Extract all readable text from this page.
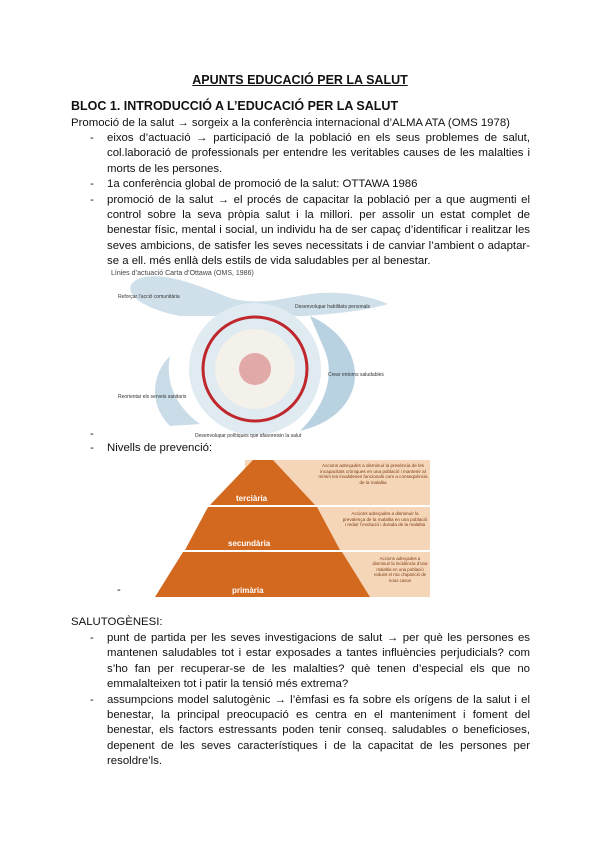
APUNTS EDUCACIÓ PER LA SALUT
BLOC 1. INTRODUCCIÓ A L’EDUCACIÓ PER LA SALUT
Promoció de la salut → sorgeix a la conferència internacional d’ALMA ATA (OMS 1978)
- eixos d’actuació → participació de la població en els seus problemes de salut, col.laboració de professionals per entendre les veritables causes de les malalties i morts de les persones.
- 1a conferència global de promoció de la salut: OTTAWA 1986
- promoció de la salut → el procés de capacitar la població per a que augmenti el control sobre la seva pròpia salut i la millori. per assolir un estat complet de benestar físic, mental i social, un individu ha de ser capaç d’identificar i realitzar les seves ambicions, de satisfer les seves necessitats i de canviar l’ambient o adaptar-se a ell. més enllà dels estils de vida saludables per al benestar.
Línies d’actuació Carta d’Ottawa (OMS, 1986)
Reforçar l’acció comunitària
Desenvolupar habilitats personals
Crear entorns saludables
Reorientar els serveis sanitaris
Desenvolupar polítiques que afavoreixin la salut
-
- Nivells de prevenció:
terciària
secundària
primària
Accions adreçades a disminuir la presència de les incapacitats cròniques en una població i mantenir al mínim les invalideses funcionals com a conseqüència de la malaltia
Accions adreçades a disminuir la prevalença de la malaltia en una població i reduir l’evolució i durada de la malaltia
Accions adreçades a disminuir la incidència d’una malaltia en una població reduint el risc d’aparició de nous casos
-
SALUTOGÈNESI:
- punt de partida per les seves investigacions de salut → per què les persones es mantenen saludables tot i estar exposades a tantes influències perjudicials? com s’ho fan per recuperar-se de les malalties? què tenen d’especial els que no emmalalteixen tot i patir la tensió més extrema?
- assumpcions model salutogènic → l’èmfasi es fa sobre els orígens de la salut i el benestar, la principal preocupació es centra en el manteniment i foment del benestar, els factors estressants poden tenir conseq. saludables o beneficioses, depenent de les seves característiques i de la capacitat de les persones per resoldre’ls.
